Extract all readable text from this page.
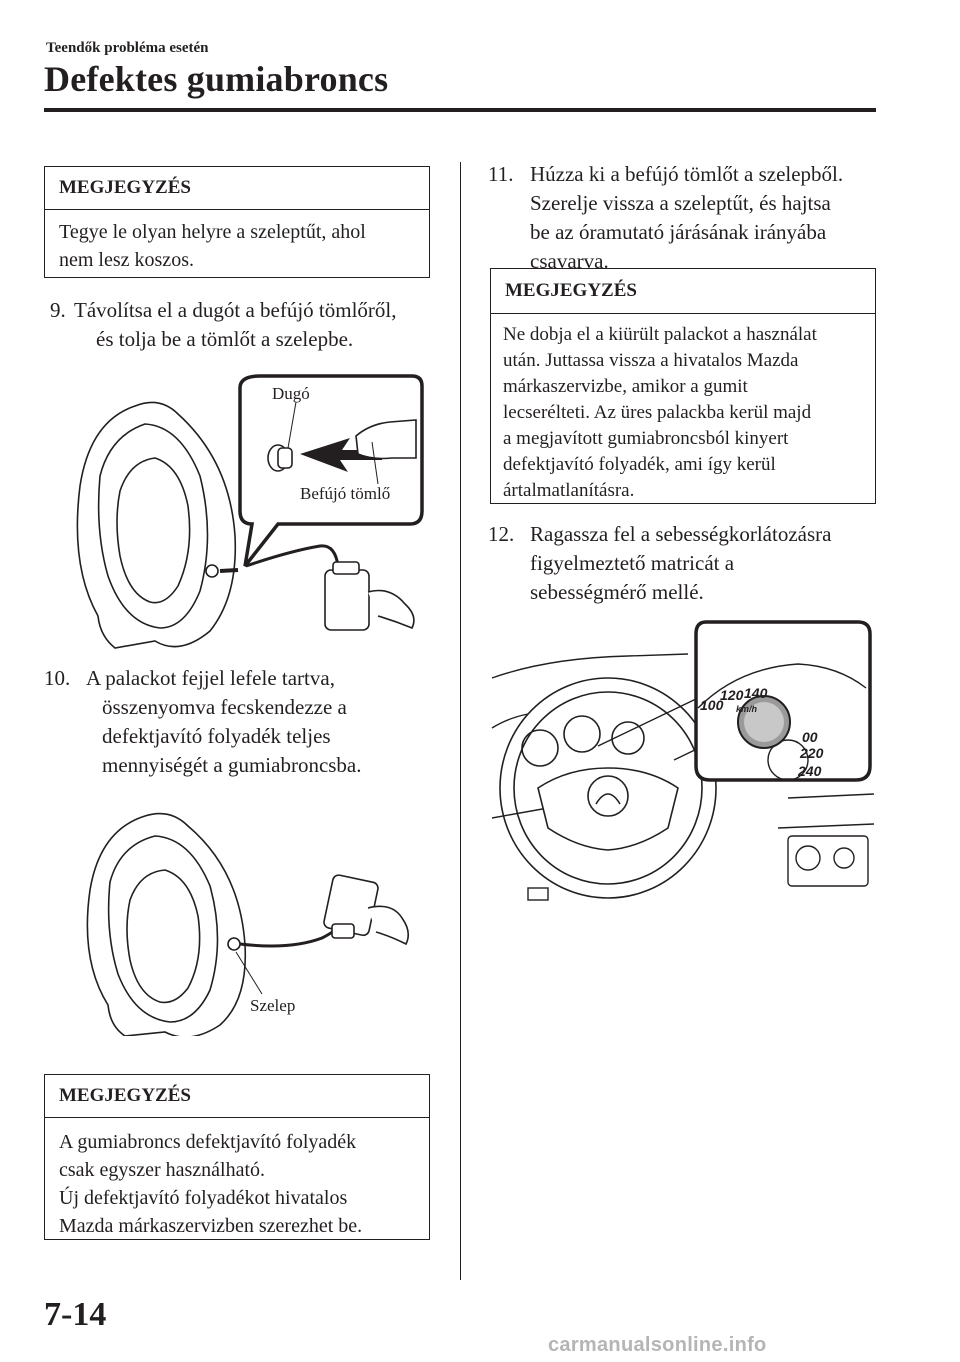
Teendők probléma esetén
Defektes gumiabroncs
MEGJEGYZÉS
Tegye le olyan helyre a szeleptűt, ahol
nem lesz koszos.
9. Távolítsa el a dugót a befújó tömlőről,
és tolja be a tömlőt a szelepbe.
Dugó
Befújó tömlő
10. A palackot fejjel lefele tartva,
összenyomva fecskendezze a
defektjavító folyadék teljes
mennyiségét a gumiabroncsba.
Szelep
MEGJEGYZÉS
A gumiabroncs defektjavító folyadék
csak egyszer használható.
Új defektjavító folyadékot hivatalos
Mazda márkaszervizben szerezhet be.
11. Húzza ki a befújó tömlőt a szelepből.
Szerelje vissza a szeleptűt, és hajtsa
be az óramutató járásának irányába
csavarva.
MEGJEGYZÉS
Ne dobja el a kiürült palackot a használat
után. Juttassa vissza a hivatalos Mazda
márkaszervizbe, amikor a gumit
lecserélteti. Az üres palackba kerül majd
a megjavított gumiabroncsból kinyert
defektjavító folyadék, ami így kerül
ártalmatlanításra.
12. Ragassza fel a sebességkorlátozásra
figyelmeztető matricát a
sebességmérő mellé.
100
120 140
km/h
00
220
240
7-14
carmanualsonline.info
